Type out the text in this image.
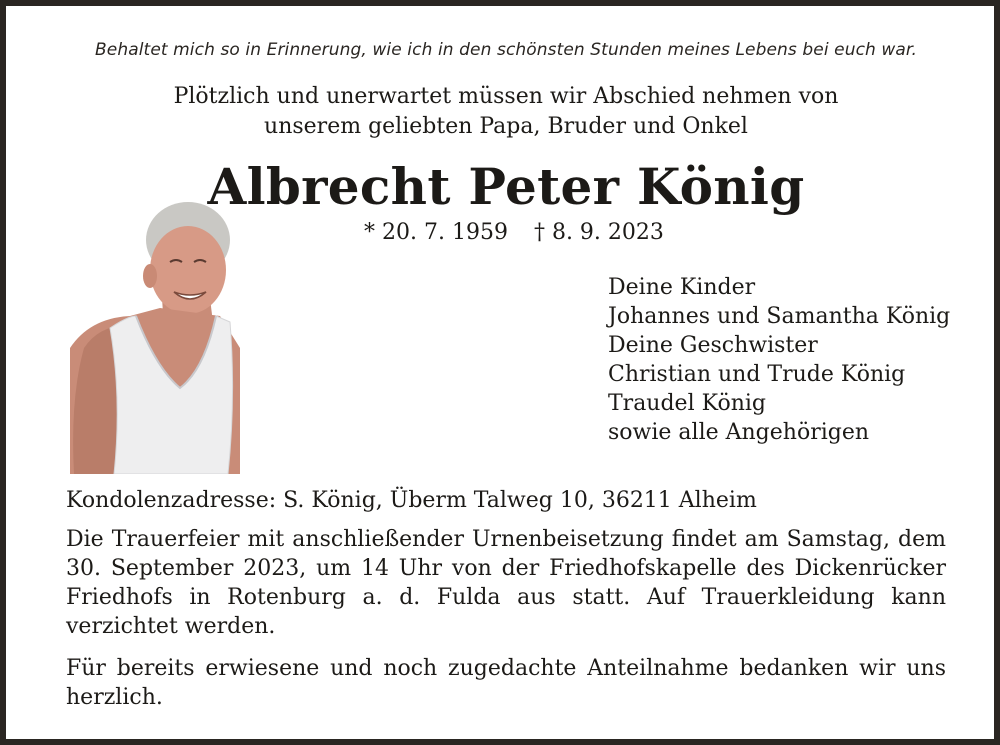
Behaltet mich so in Erinnerung, wie ich in den schönsten Stunden meines Lebens bei euch war.
Plötzlich und unerwartet müssen wir Abschied nehmen von
unserem geliebten Papa, Bruder und Onkel
Albrecht Peter König
* 20. 7. 1959 † 8. 9. 2023
Deine Kinder
Johannes und Samantha König
Deine Geschwister
Christian und Trude König
Traudel König
sowie alle Angehörigen
Kondolenzadresse: S. König, Überm Talweg 10, 36211 Alheim
Die Trauerfeier mit anschließender Urnenbeisetzung findet am Samstag, dem 30. September 2023, um 14 Uhr von der Friedhofskapelle des Dickenrücker Friedhofs in Rotenburg a. d. Fulda aus statt. Auf Trauerkleidung kann verzichtet werden.
Für bereits erwiesene und noch zugedachte Anteilnahme bedanken wir uns herzlich.
